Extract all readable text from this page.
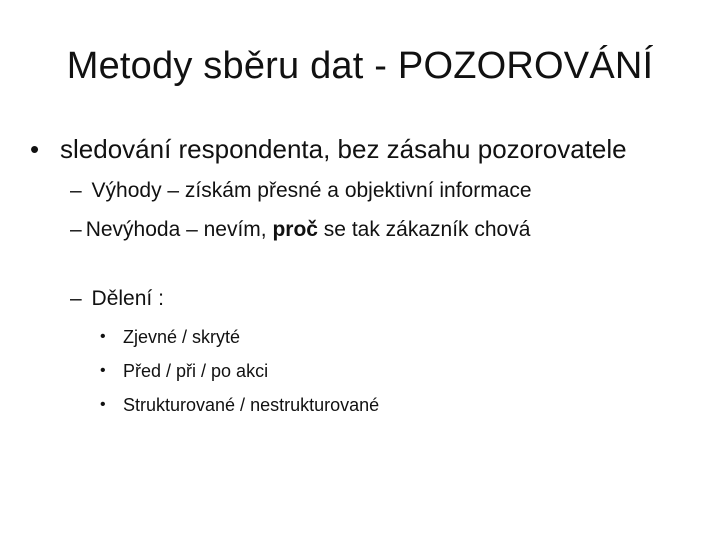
Metody sběru dat - POZOROVÁNÍ
• sledování respondenta, bez zásahu pozorovatele
– Výhody – získám přesné a objektivní informace
– Nevýhoda – nevím, proč se tak zákazník chová
– Dělení :
• Zjevné / skryté
• Před / při / po akci
• Strukturované / nestrukturované
